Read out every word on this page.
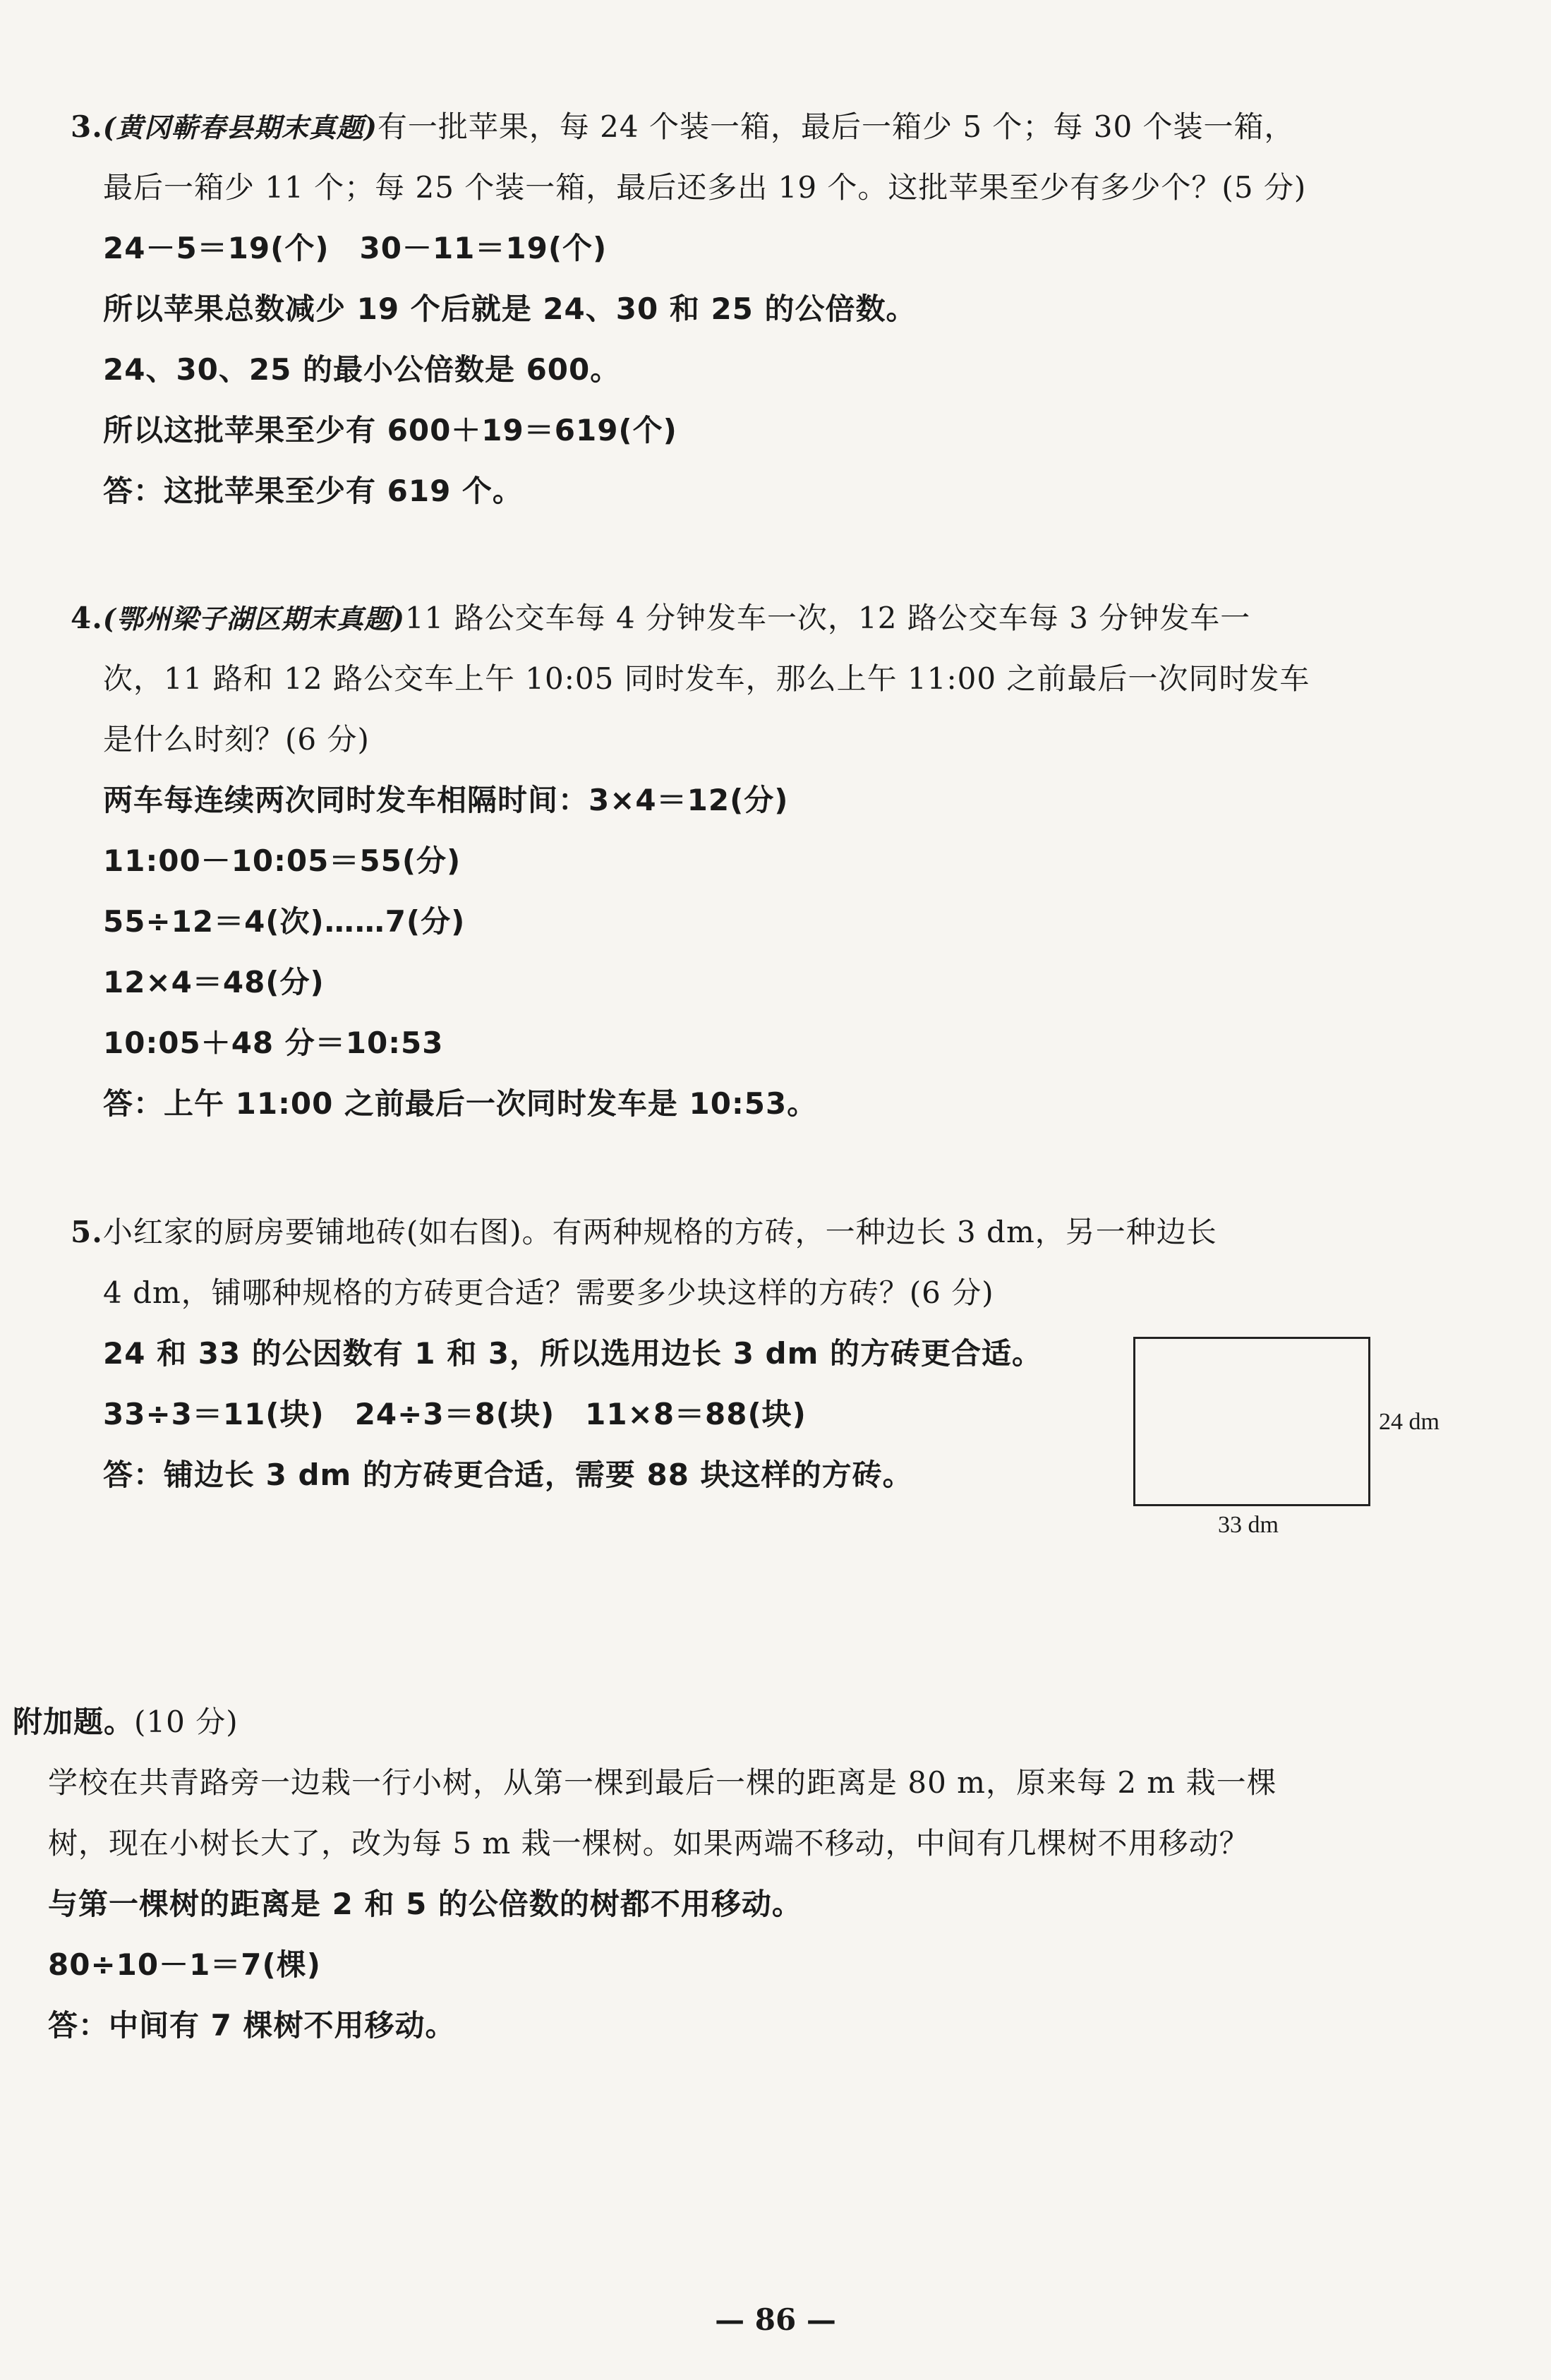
3.(黄冈蕲春县期末真题)有一批苹果，每 24 个装一箱，最后一箱少 5 个；每 30 个装一箱，
最后一箱少 11 个；每 25 个装一箱，最后还多出 19 个。这批苹果至少有多少个？(5 分)
24－5＝19(个)　30－11＝19(个)
所以苹果总数减少 19 个后就是 24、30 和 25 的公倍数。
24、30、25 的最小公倍数是 600。
所以这批苹果至少有 600＋19＝619(个)
答：这批苹果至少有 619 个。
4.(鄂州梁子湖区期末真题)11 路公交车每 4 分钟发车一次，12 路公交车每 3 分钟发车一
次，11 路和 12 路公交车上午 10:05 同时发车，那么上午 11:00 之前最后一次同时发车
是什么时刻？(6 分)
两车每连续两次同时发车相隔时间：3×4＝12(分)
11:00－10:05＝55(分)
55÷12＝4(次)……7(分)
12×4＝48(分)
10:05＋48 分＝10:53
答：上午 11:00 之前最后一次同时发车是 10:53。
5.小红家的厨房要铺地砖(如右图)。有两种规格的方砖，一种边长 3 dm，另一种边长
4 dm，铺哪种规格的方砖更合适？需要多少块这样的方砖？(6 分)
24 和 33 的公因数有 1 和 3，所以选用边长 3 dm 的方砖更合适。
33÷3＝11(块)　24÷3＝8(块)　11×8＝88(块)
答：铺边长 3 dm 的方砖更合适，需要 88 块这样的方砖。
24 dm
33 dm
附加题。(10 分)
学校在共青路旁一边栽一行小树，从第一棵到最后一棵的距离是 80 m，原来每 2 m 栽一棵
树，现在小树长大了，改为每 5 m 栽一棵树。如果两端不移动，中间有几棵树不用移动？
与第一棵树的距离是 2 和 5 的公倍数的树都不用移动。
80÷10－1＝7(棵)
答：中间有 7 棵树不用移动。
— 86 —
